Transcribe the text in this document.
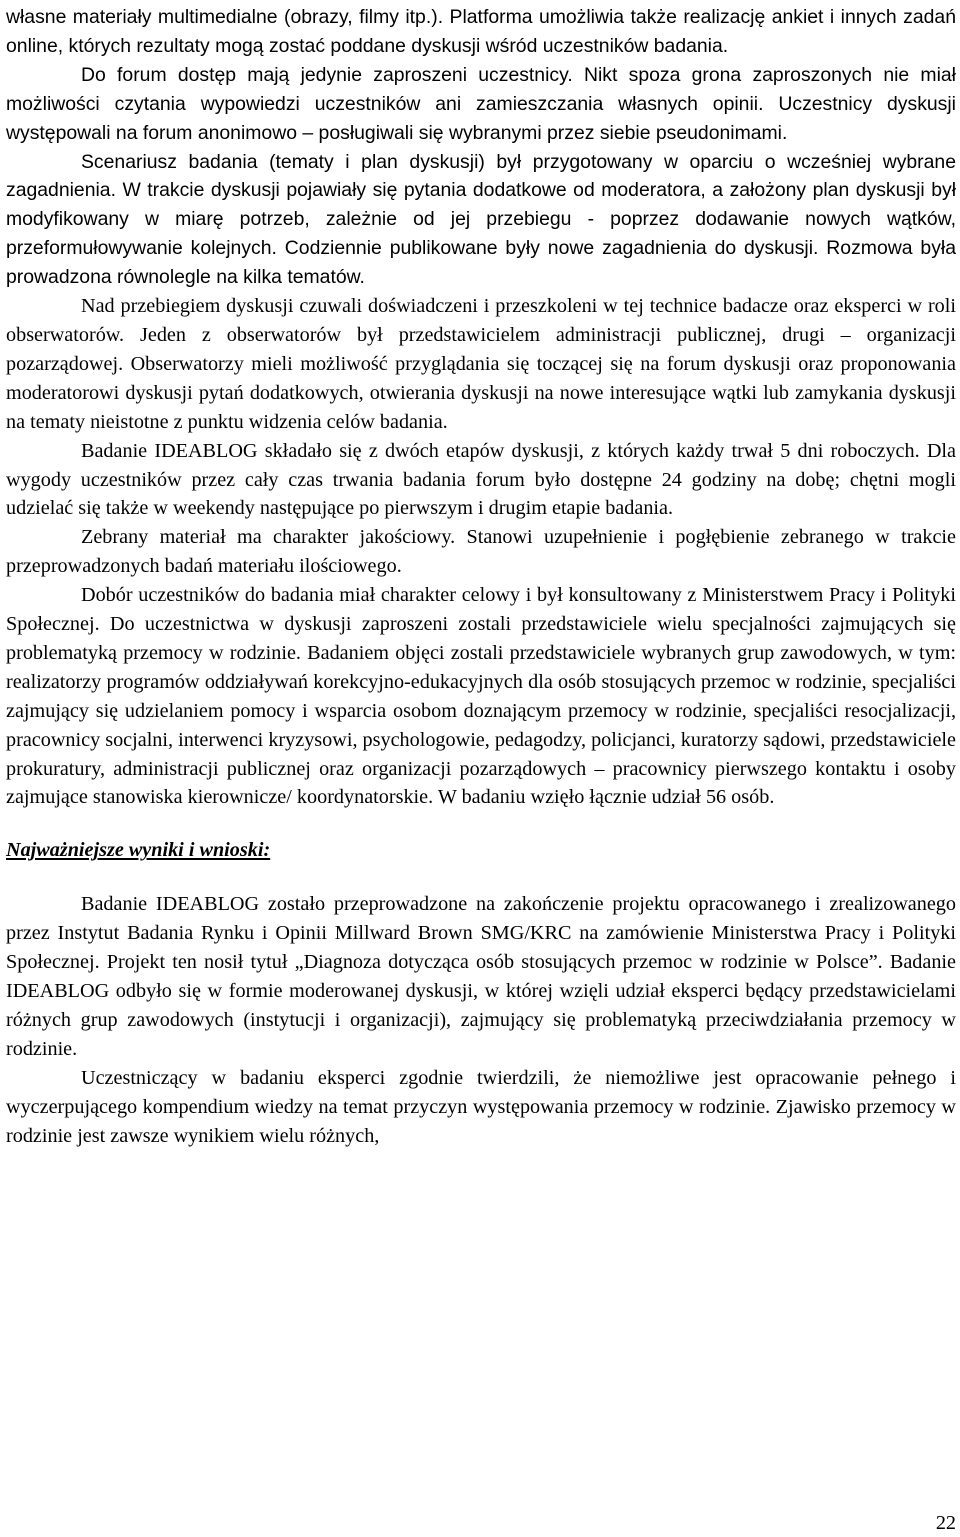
własne materiały multimedialne (obrazy, filmy itp.). Platforma umożliwia także realizację ankiet i innych zadań online, których rezultaty mogą zostać poddane dyskusji wśród uczestników badania.

Do forum dostęp mają jedynie zaproszeni uczestnicy. Nikt spoza grona zaproszonych nie miał możliwości czytania wypowiedzi uczestników ani zamieszczania własnych opinii. Uczestnicy dyskusji występowali na forum anonimowo – posługiwali się wybranymi przez siebie pseudonimami.

Scenariusz badania (tematy i plan dyskusji) był przygotowany w oparciu o wcześniej wybrane zagadnienia. W trakcie dyskusji pojawiały się pytania dodatkowe od moderatora, a założony plan dyskusji był modyfikowany w miarę potrzeb, zależnie od jej przebiegu - poprzez dodawanie nowych wątków, przeformułowywanie kolejnych. Codziennie publikowane były nowe zagadnienia do dyskusji. Rozmowa była prowadzona równolegle na kilka tematów.

Nad przebiegiem dyskusji czuwali doświadczeni i przeszkoleni w tej technice badacze oraz eksperci w roli obserwatorów. Jeden z obserwatorów był przedstawicielem administracji publicznej, drugi – organizacji pozarządowej. Obserwatorzy mieli możliwość przyglądania się toczącej się na forum dyskusji oraz proponowania moderatorowi dyskusji pytań dodatkowych, otwierania dyskusji na nowe interesujące wątki lub zamykania dyskusji na tematy nieistotne z punktu widzenia celów badania.

Badanie IDEABLOG składało się z dwóch etapów dyskusji, z których każdy trwał 5 dni roboczych. Dla wygody uczestników przez cały czas trwania badania forum było dostępne 24 godziny na dobę; chętni mogli udzielać się także w weekendy następujące po pierwszym i drugim etapie badania.

Zebrany materiał ma charakter jakościowy. Stanowi uzupełnienie i pogłębienie zebranego w trakcie przeprowadzonych badań materiału ilościowego.

Dobór uczestników do badania miał charakter celowy i był konsultowany z Ministerstwem Pracy i Polityki Społecznej. Do uczestnictwa w dyskusji zaproszeni zostali przedstawiciele wielu specjalności zajmujących się problematyką przemocy w rodzinie. Badaniem objęci zostali przedstawiciele wybranych grup zawodowych, w tym: realizatorzy programów oddziaływań korekcyjno-edukacyjnych dla osób stosujących przemoc w rodzinie, specjaliści zajmujący się udzielaniem pomocy i wsparcia osobom doznającym przemocy w rodzinie, specjaliści resocjalizacji, pracownicy socjalni, interwenci kryzysowi, psychologowie, pedagodzy, policjanci, kuratorzy sądowi, przedstawiciele prokuratury, administracji publicznej oraz organizacji pozarządowych – pracownicy pierwszego kontaktu i osoby zajmujące stanowiska kierownicze/ koordynatorskie. W badaniu wzięło łącznie udział 56 osób.

Najważniejsze wyniki i wnioski:

Badanie IDEABLOG zostało przeprowadzone na zakończenie projektu opracowanego i zrealizowanego przez Instytut Badania Rynku i Opinii Millward Brown SMG/KRC na zamówienie Ministerstwa Pracy i Polityki Społecznej. Projekt ten nosił tytuł „Diagnoza dotycząca osób stosujących przemoc w rodzinie w Polsce”. Badanie IDEABLOG odbyło się w formie moderowanej dyskusji, w której wzięli udział eksperci będący przedstawicielami różnych grup zawodowych (instytucji i organizacji), zajmujący się problematyką przeciwdziałania przemocy w rodzinie.

Uczestniczący w badaniu eksperci zgodnie twierdzili, że niemożliwe jest opracowanie pełnego i wyczerpującego kompendium wiedzy na temat przyczyn występowania przemocy w rodzinie. Zjawisko przemocy w rodzinie jest zawsze wynikiem wielu różnych,

22
